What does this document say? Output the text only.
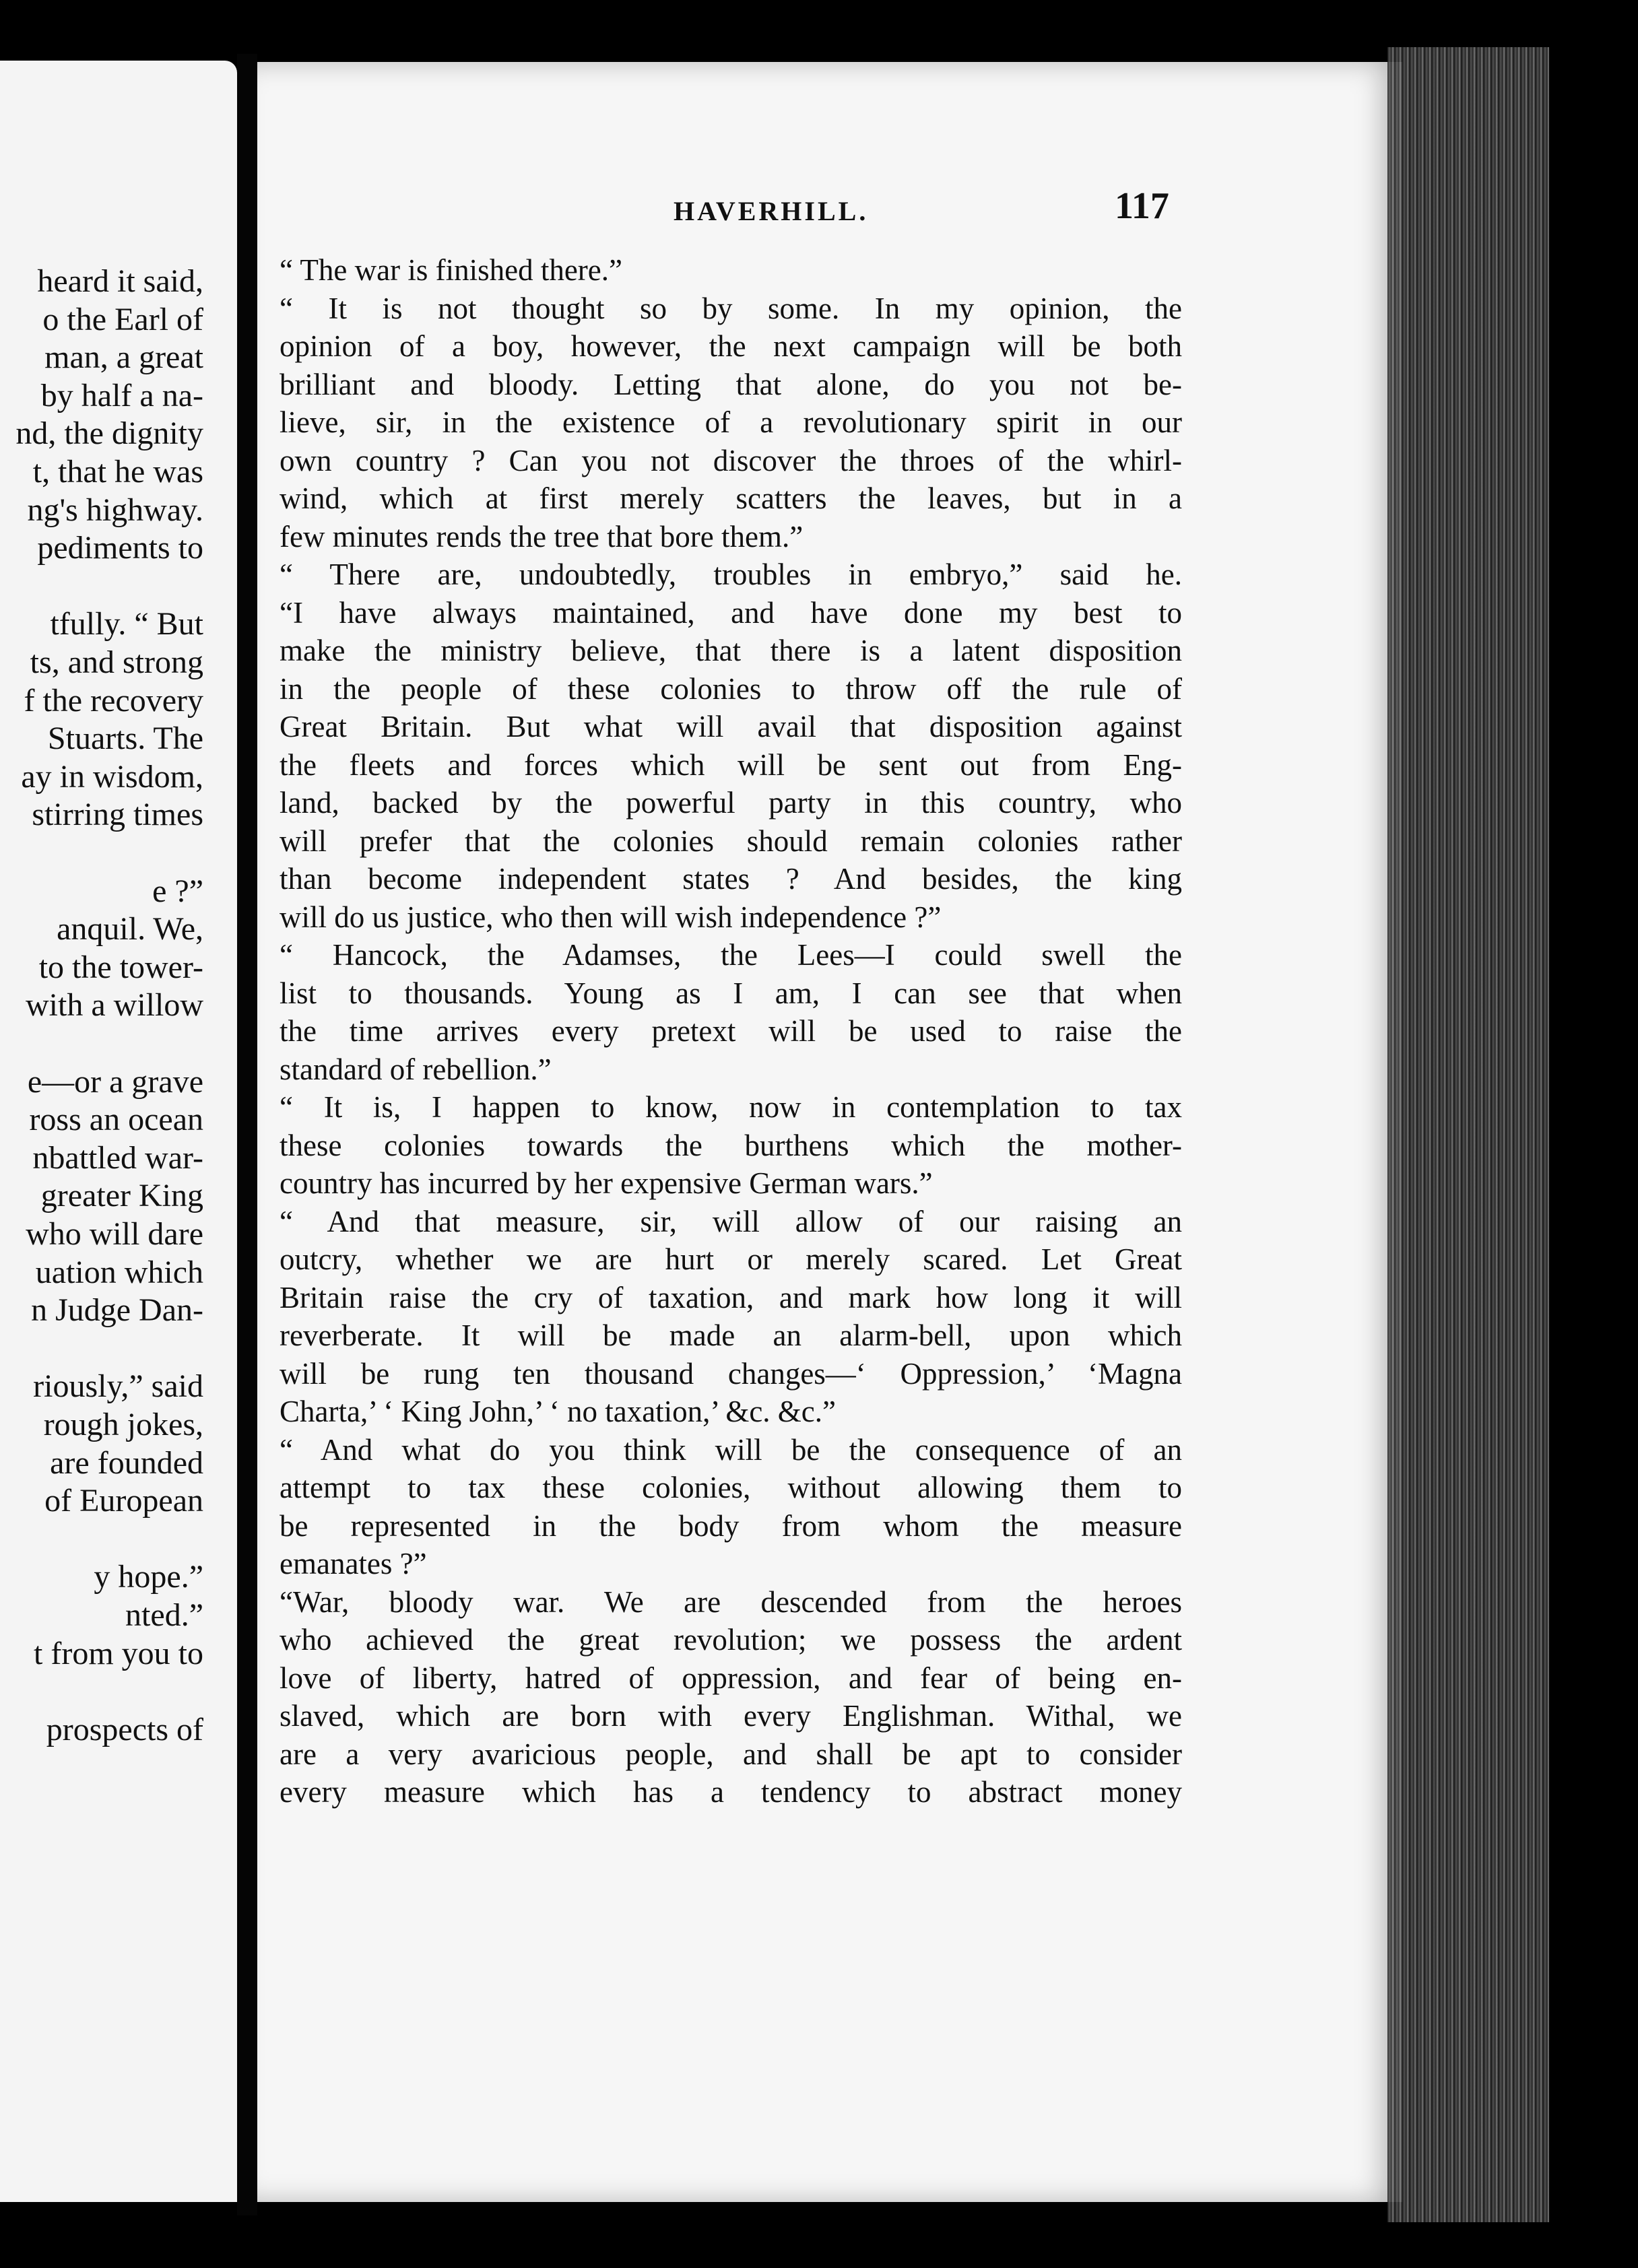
heard it said,
o the Earl of
man, a great
by half a na-
nd, the dignity
t, that he was
ng's highway.
pediments to
tfully. “ But
ts, and strong
f the recovery
Stuarts. The
ay in wisdom,
stirring times
e ?”
anquil. We,
to the tower-
with a willow
e—or a grave
ross an ocean
nbattled war-
greater King
who will dare
uation which
n Judge Dan-
riously,” said
rough jokes,
are founded
of European
y hope.”
nted.”
t from you to
prospects of
HAVERHILL.	117
“ The war is finished there.”
“ It is not thought so by some. In my opinion, the
opinion of a boy, however, the next campaign will be both
brilliant and bloody. Letting that alone, do you not be-
lieve, sir, in the existence of a revolutionary spirit in our
own country ? Can you not discover the throes of the whirl-
wind, which at first merely scatters the leaves, but in a
few minutes rends the tree that bore them.”
“ There are, undoubtedly, troubles in embryo,” said he.
“I have always maintained, and have done my best to
make the ministry believe, that there is a latent disposition
in the people of these colonies to throw off the rule of
Great Britain. But what will avail that disposition against
the fleets and forces which will be sent out from Eng-
land, backed by the powerful party in this country, who
will prefer that the colonies should remain colonies rather
than become independent states ? And besides, the king
will do us justice, who then will wish independence ?”
“ Hancock, the Adamses, the Lees—I could swell the
list to thousands. Young as I am, I can see that when
the time arrives every pretext will be used to raise the
standard of rebellion.”
“ It is, I happen to know, now in contemplation to tax
these colonies towards the burthens which the mother-
country has incurred by her expensive German wars.”
“ And that measure, sir, will allow of our raising an
outcry, whether we are hurt or merely scared. Let Great
Britain raise the cry of taxation, and mark how long it will
reverberate. It will be made an alarm-bell, upon which
will be rung ten thousand changes—‘ Oppression,’ ‘Magna
Charta,’ ‘ King John,’ ‘ no taxation,’ &c. &c.”
“ And what do you think will be the consequence of an
attempt to tax these colonies, without allowing them to
be represented in the body from whom the measure
emanates ?”
“War, bloody war. We are descended from the heroes
who achieved the great revolution; we possess the ardent
love of liberty, hatred of oppression, and fear of being en-
slaved, which are born with every Englishman. Withal, we
are a very avaricious people, and shall be apt to consider
every measure which has a tendency to abstract money
